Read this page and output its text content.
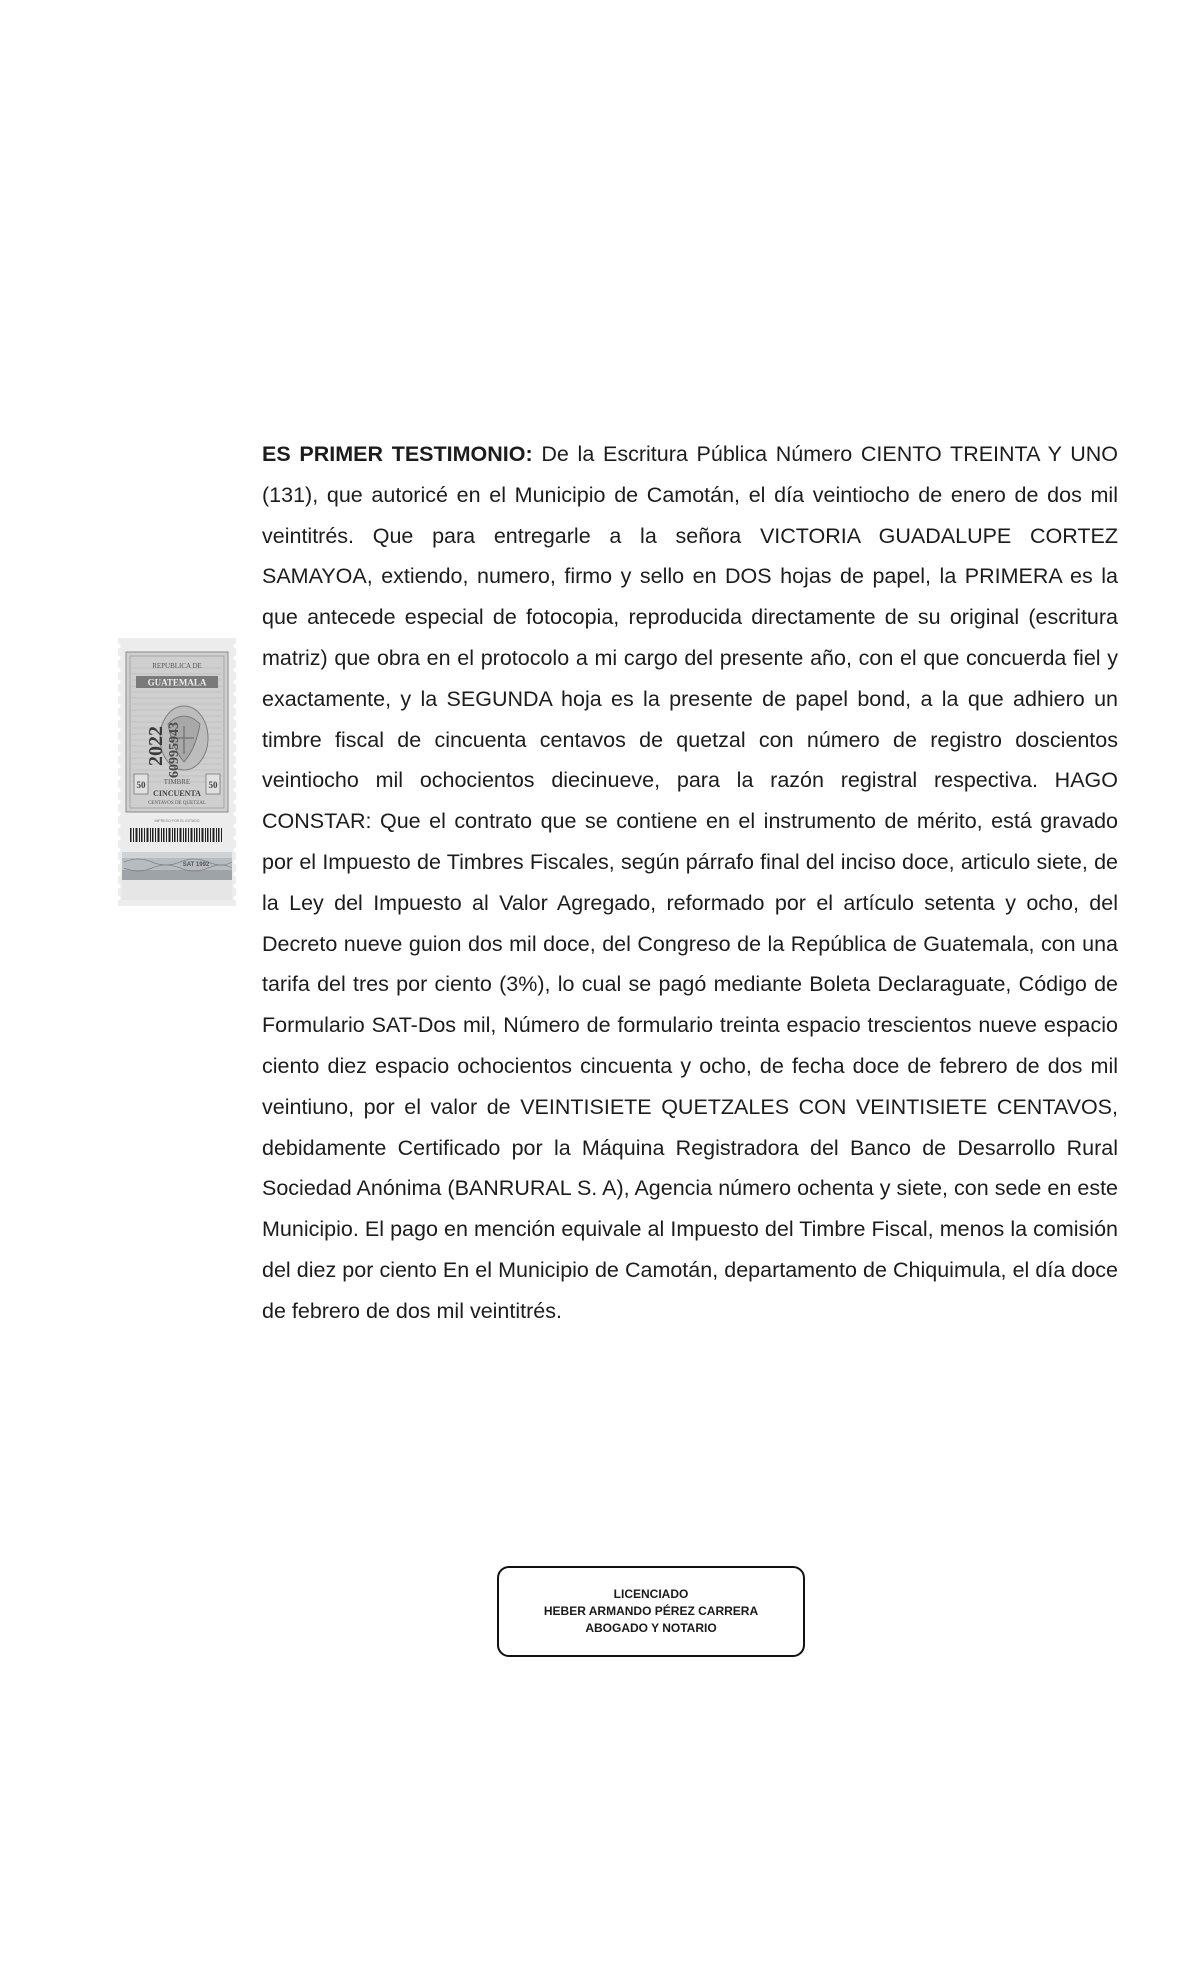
REPUBLICA DE
GUATEMALA
2022 60995943
50	50
TIMBRE
CINCUENTA
CENTAVOS DE QUETZAL
IMPRESO POR EL ESTADO
SAT 1992
ES PRIMER TESTIMONIO: De la Escritura Pública Número CIENTO TREINTA Y UNO (131), que autoricé en el Municipio de Camotán, el día veintiocho de enero de dos mil veintitrés. Que para entregarle a la señora VICTORIA GUADALUPE CORTEZ SAMAYOA, extiendo, numero, firmo y sello en DOS hojas de papel, la PRIMERA es la que antecede especial de fotocopia, reproducida directamente de su original (escritura matriz) que obra en el protocolo a mi cargo del presente año, con el que concuerda fiel y exactamente, y la SEGUNDA hoja es la presente de papel bond, a la que adhiero un timbre fiscal de cincuenta centavos de quetzal con número de registro doscientos veintiocho mil ochocientos diecinueve, para la razón registral respectiva. HAGO CONSTAR: Que el contrato que se contiene en el instrumento de mérito, está gravado por el Impuesto de Timbres Fiscales, según párrafo final del inciso doce, articulo siete, de la Ley del Impuesto al Valor Agregado, reformado por el artículo setenta y ocho, del Decreto nueve guion dos mil doce, del Congreso de la República de Guatemala, con una tarifa del tres por ciento (3%), lo cual se pagó mediante Boleta Declaraguate, Código de Formulario SAT-Dos mil, Número de formulario treinta espacio trescientos nueve espacio ciento diez espacio ochocientos cincuenta y ocho, de fecha doce de febrero de dos mil veintiuno, por el valor de VEINTISIETE QUETZALES CON VEINTISIETE CENTAVOS, debidamente Certificado por la Máquina Registradora del Banco de Desarrollo Rural Sociedad Anónima (BANRURAL S. A), Agencia número ochenta y siete, con sede en este Municipio. El pago en mención equivale al Impuesto del Timbre Fiscal, menos la comisión del diez por ciento En el Municipio de Camotán, departamento de Chiquimula, el día doce de febrero de dos mil veintitrés.
LICENCIADO
HEBER ARMANDO PÉREZ CARRERA
ABOGADO Y NOTARIO
